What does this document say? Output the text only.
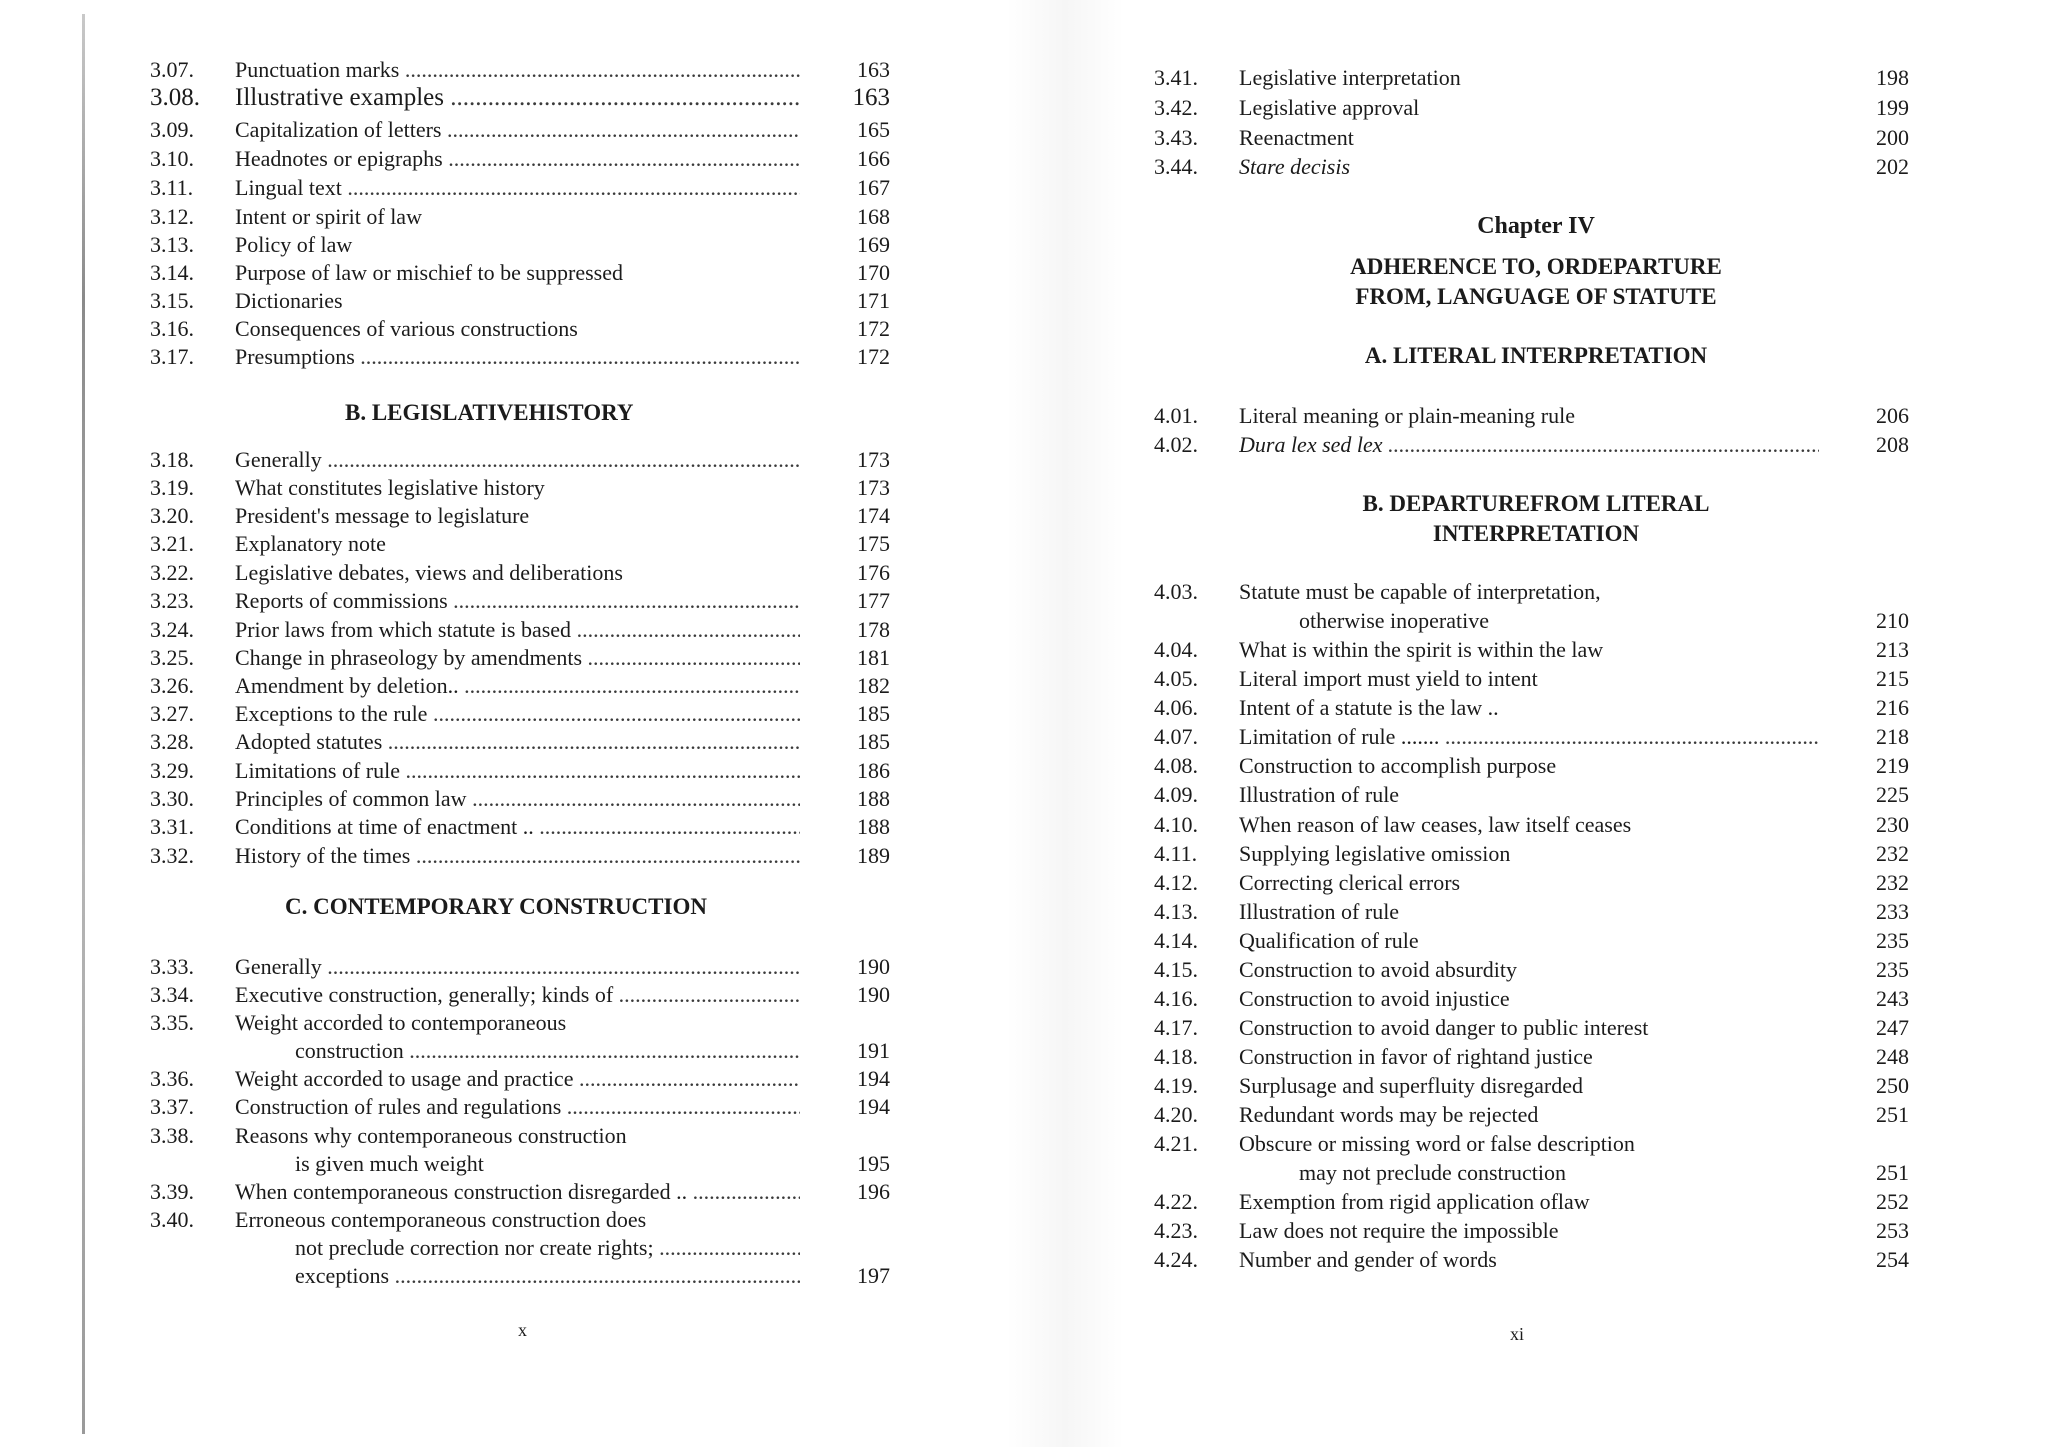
3.07.	Punctuation marks .....	163
3.08.	Illustrative examples .....	163
3.09.	Capitalization of letters .....	165
3.10.	Headnotes or epigraphs .....	166
3.11.	Lingual text .....	167
3.12.	Intent or spirit of law	168
3.13.	Policy of law	169
3.14.	Purpose of law or mischief to be suppressed	170
3.15.	Dictionaries	171
3.16.	Consequences of various constructions	172
3.17.	Presumptions .....	172
B. LEGISLATIVEHISTORY
3.18.	Generally .....	173
3.19.	What constitutes legislative history	173
3.20.	President's message to legislature	174
3.21.	Explanatory note	175
3.22.	Legislative debates, views and deliberations	176
3.23.	Reports of commissions .....	177
3.24.	Prior laws from which statute is based .....	178
3.25.	Change in phraseology by amendments .....	181
3.26.	Amendment by deletion.. .....	182
3.27.	Exceptions to the rule .....	185
3.28.	Adopted statutes .....	185
3.29.	Limitations of rule .....	186
3.30.	Principles of common law .....	188
3.31.	Conditions at time of enactment .. .....	188
3.32.	History of the times .....	189
C. CONTEMPORARY CONSTRUCTION
3.33.	Generally .....	190
3.34.	Executive construction, generally; kinds of .....	190
3.35.	Weight accorded to contemporaneous
construction .....	191
3.36.	Weight accorded to usage and practice .....	194
3.37.	Construction of rules and regulations .....	194
3.38.	Reasons why contemporaneous construction
is given much weight	195
3.39.	When contemporaneous construction disregarded .. .....	196
3.40.	Erroneous contemporaneous construction does
not preclude correction nor create rights; .....
exceptions .....	197
x
3.41.	Legislative interpretation	198
3.42.	Legislative approval	199
3.43.	Reenactment	200
3.44.	Stare decisis	202
Chapter IV
ADHERENCE TO, ORDEPARTURE
FROM, LANGUAGE OF STATUTE
A. LITERAL INTERPRETATION
4.01.	Literal meaning or plain-meaning rule	206
4.02.	Dura lex sed lex .....	208
B. DEPARTUREFROM LITERAL
INTERPRETATION
4.03.	Statute must be capable of interpretation,
otherwise inoperative	210
4.04.	What is within the spirit is within the law	213
4.05.	Literal import must yield to intent	215
4.06.	Intent of a statute is the law ..	216
4.07.	Limitation of rule ....... .....	218
4.08.	Construction to accomplish purpose	219
4.09.	Illustration of rule	225
4.10.	When reason of law ceases, law itself ceases	230
4.11.	Supplying legislative omission	232
4.12.	Correcting clerical errors	232
4.13.	Illustration of rule	233
4.14.	Qualification of rule	235
4.15.	Construction to avoid absurdity	235
4.16.	Construction to avoid injustice	243
4.17.	Construction to avoid danger to public interest	247
4.18.	Construction in favor of rightand justice	248
4.19.	Surplusage and superfluity disregarded	250
4.20.	Redundant words may be rejected	251
4.21.	Obscure or missing word or false description
may not preclude construction	251
4.22.	Exemption from rigid application oflaw	252
4.23.	Law does not require the impossible	253
4.24.	Number and gender of words	254
xi
